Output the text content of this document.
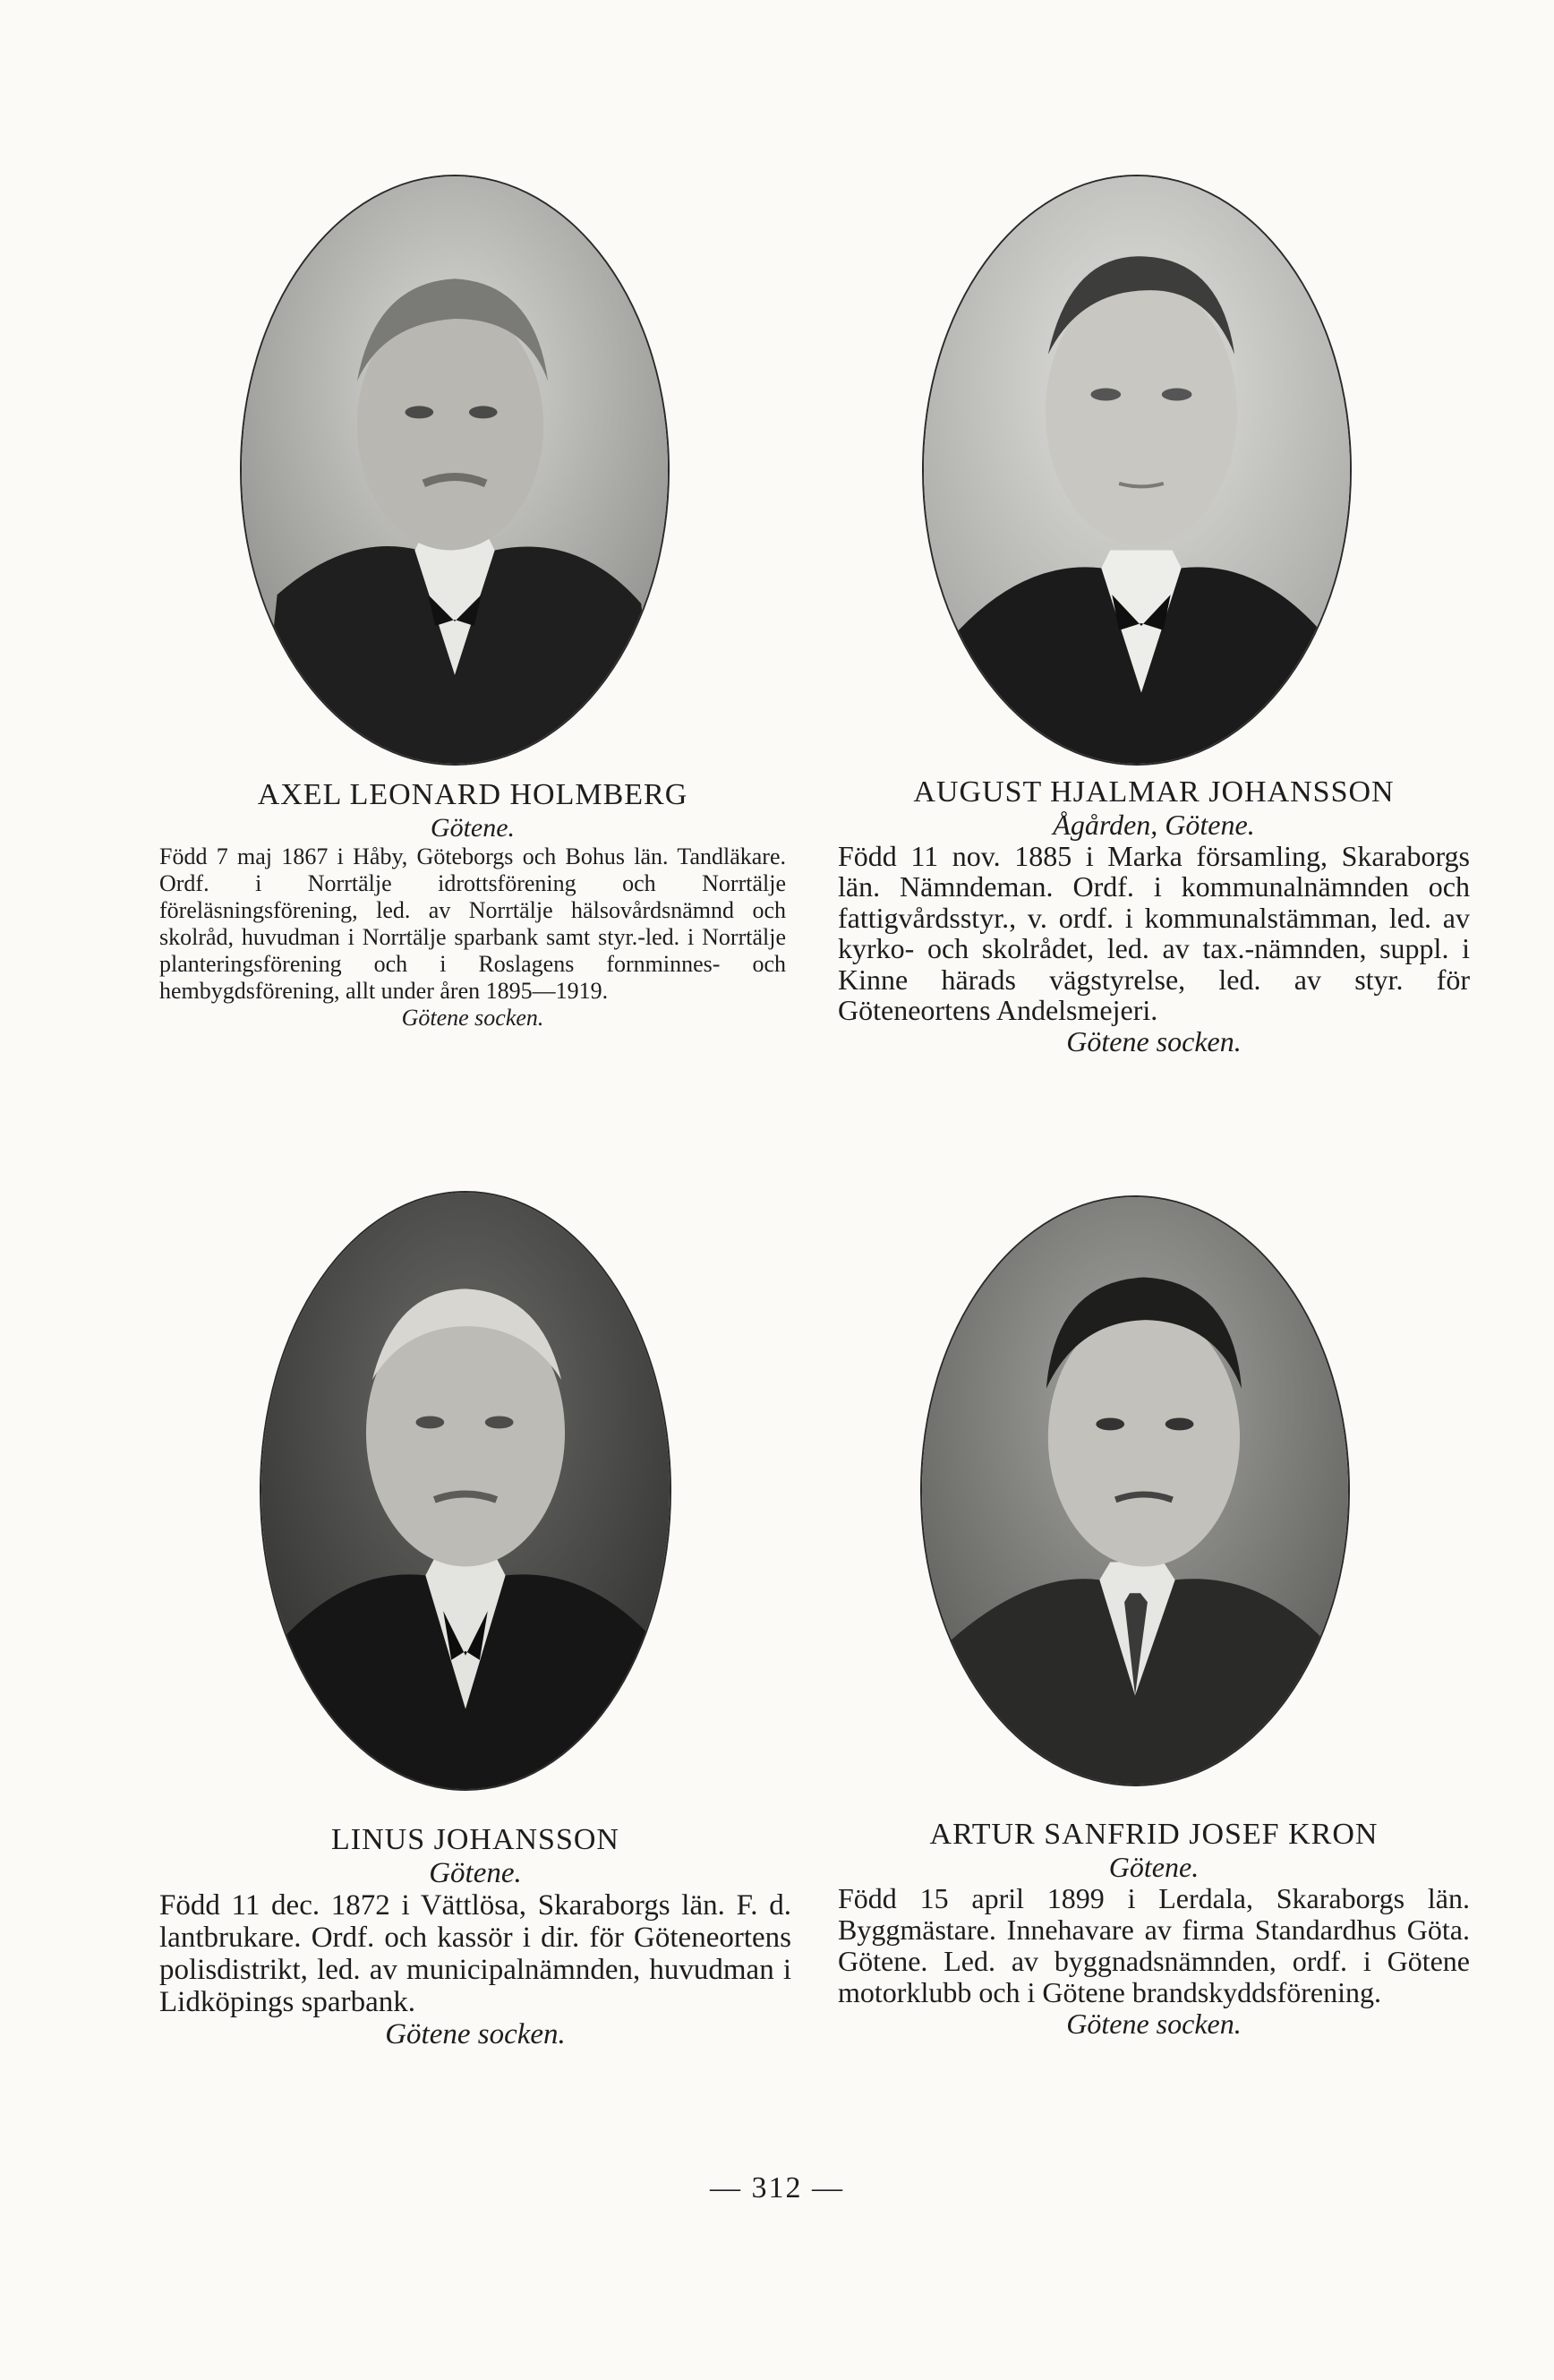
AXEL LEONARD HOLMBERG

Götene.

Född 7 maj 1867 i Håby, Göteborgs och Bohus län. Tandläkare. Ordf. i Norrtälje idrottsförening och Norrtälje föreläsningsförening, led. av Norrtälje hälsovårdsnämnd och skolråd, huvudman i Norrtälje sparbank samt styr.-led. i Norrtälje planteringsförening och i Roslagens fornminnes- och hembygdsförening, allt under åren 1895—1919.

Götene socken.

AUGUST HJALMAR JOHANSSON

Ågården, Götene.

Född 11 nov. 1885 i Marka församling, Skaraborgs län. Nämndeman. Ordf. i kommunalnämnden och fattigvårdsstyr., v. ordf. i kommunalstämman, led. av kyrko- och skolrådet, led. av tax.-nämnden, suppl. i Kinne härads vägstyrelse, led. av styr. för Göteneortens Andelsmejeri.

Götene socken.

LINUS JOHANSSON

Götene.

Född 11 dec. 1872 i Vättlösa, Skaraborgs län. F. d. lantbrukare. Ordf. och kassör i dir. för Göteneortens polisdistrikt, led. av municipalnämnden, huvudman i Lidköpings sparbank.

Götene socken.

ARTUR SANFRID JOSEF KRON

Götene.

Född 15 april 1899 i Lerdala, Skaraborgs län. Byggmästare. Innehavare av firma Standardhus Göta. Götene. Led. av byggnadsnämnden, ordf. i Götene motorklubb och i Götene brandskyddsförening.

Götene socken.

— 312 —
